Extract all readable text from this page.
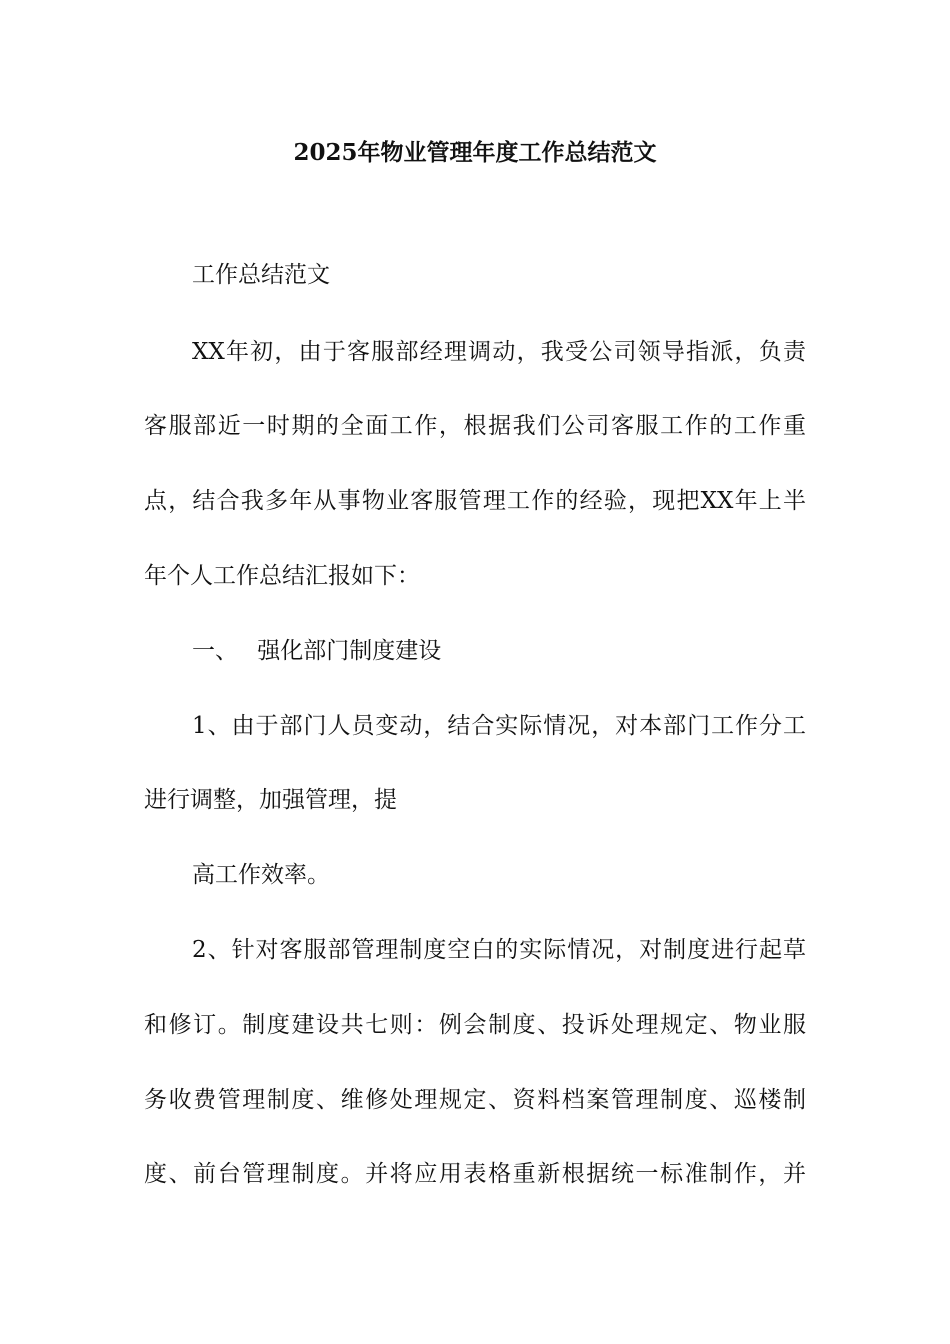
2025年物业管理年度工作总结范文
工作总结范文
XX年初，由于客服部经理调动，我受公司领导指派，负责
客服部近一时期的全面工作，根据我们公司客服工作的工作重
点，结合我多年从事物业客服管理工作的经验，现把XX年上半
年个人工作总结汇报如下：
一、 强化部门制度建设
1、由于部门人员变动，结合实际情况，对本部门工作分工
进行调整，加强管理，提
高工作效率。
2、针对客服部管理制度空白的实际情况，对制度进行起草
和修订。制度建设共七则：例会制度、投诉处理规定、物业服
务收费管理制度、维修处理规定、资料档案管理制度、巡楼制
度、前台管理制度。并将应用表格重新根据统一标准制作，并
